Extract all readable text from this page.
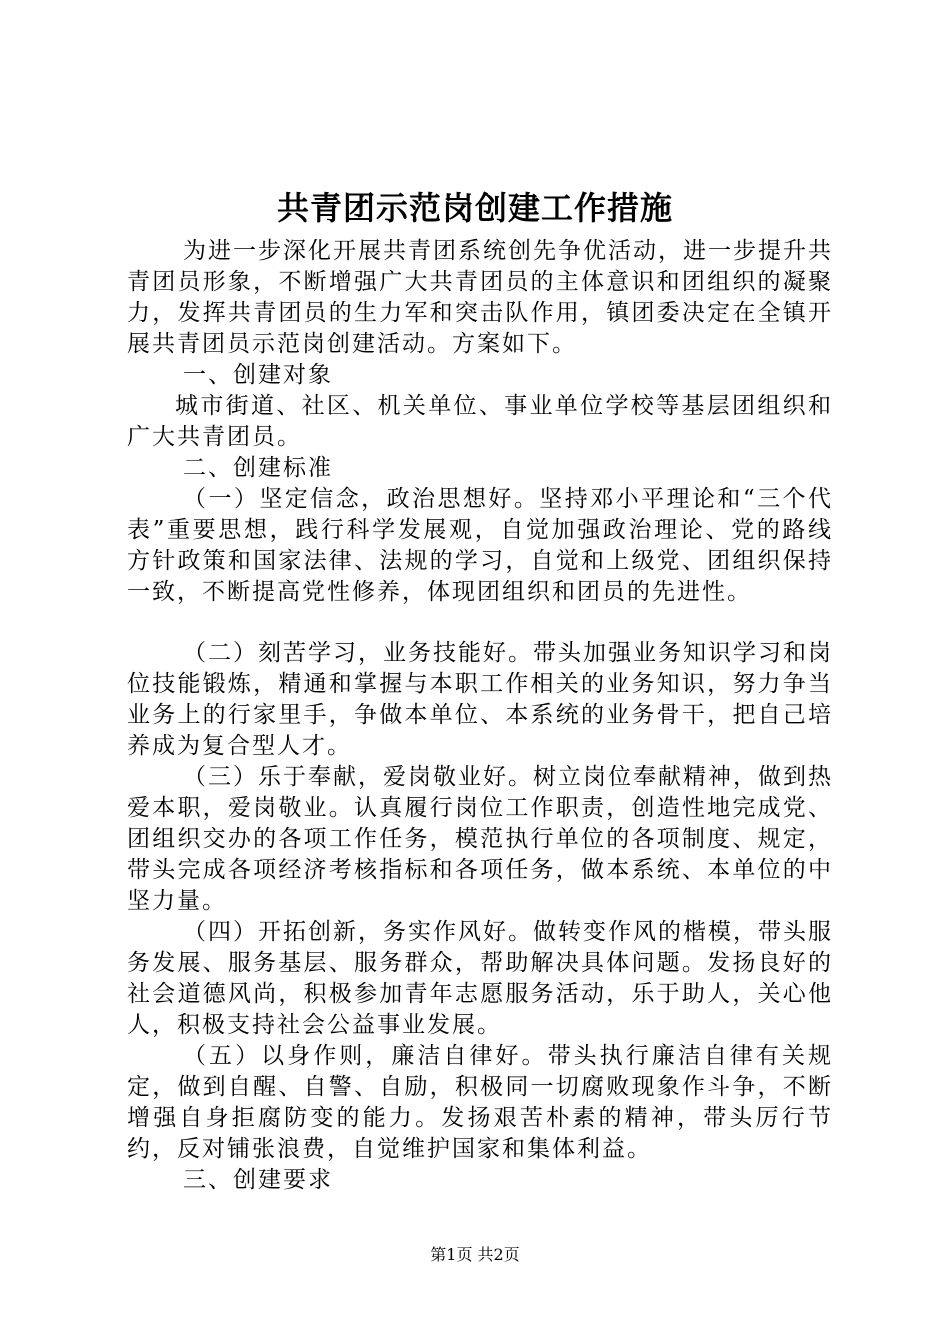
共青团示范岗创建工作措施

为进一步深化开展共青团系统创先争优活动，进一步提升共青团员形象，不断增强广大共青团员的主体意识和团组织的凝聚力，发挥共青团员的生力军和突击队作用，镇团委决定在全镇开展共青团员示范岗创建活动。方案如下。

一、创建对象

城市街道、社区、机关单位、事业单位学校等基层团组织和广大共青团员。

二、创建标准

（一）坚定信念，政治思想好。坚持邓小平理论和“三个代表”重要思想，践行科学发展观，自觉加强政治理论、党的路线方针政策和国家法律、法规的学习，自觉和上级党、团组织保持一致，不断提高党性修养，体现团组织和团员的先进性。

（二）刻苦学习，业务技能好。带头加强业务知识学习和岗位技能锻炼，精通和掌握与本职工作相关的业务知识，努力争当业务上的行家里手，争做本单位、本系统的业务骨干，把自己培养成为复合型人才。

（三）乐于奉献，爱岗敬业好。树立岗位奉献精神，做到热爱本职，爱岗敬业。认真履行岗位工作职责，创造性地完成党、团组织交办的各项工作任务，模范执行单位的各项制度、规定，带头完成各项经济考核指标和各项任务，做本系统、本单位的中坚力量。

（四）开拓创新，务实作风好。做转变作风的楷模，带头服务发展、服务基层、服务群众，帮助解决具体问题。发扬良好的社会道德风尚，积极参加青年志愿服务活动，乐于助人，关心他人，积极支持社会公益事业发展。

（五）以身作则，廉洁自律好。带头执行廉洁自律有关规定，做到自醒、自警、自励，积极同一切腐败现象作斗争，不断增强自身拒腐防变的能力。发扬艰苦朴素的精神，带头厉行节约，反对铺张浪费，自觉维护国家和集体利益。

三、创建要求

第1页 共2页
